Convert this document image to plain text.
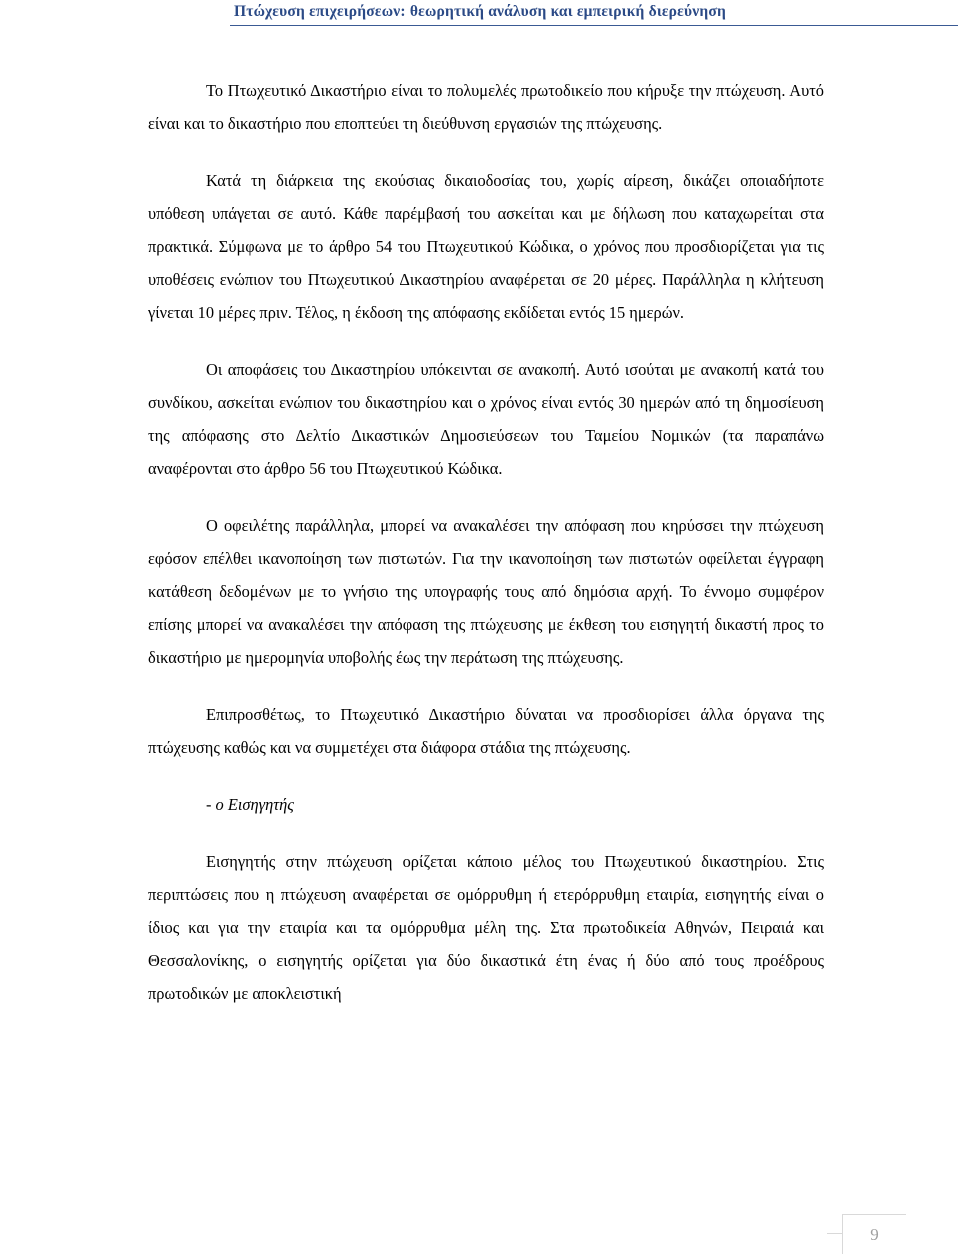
Πτώχευση επιχειρήσεων: θεωρητική ανάλυση και εμπειρική διερεύνηση

Το Πτωχευτικό Δικαστήριο είναι το πολυμελές πρωτοδικείο που κήρυξε την πτώχευση. Αυτό είναι και το δικαστήριο που εποπτεύει τη διεύθυνση εργασιών της πτώχευσης.

Κατά τη διάρκεια της εκούσιας δικαιοδοσίας του, χωρίς αίρεση, δικάζει οποιαδήποτε υπόθεση υπάγεται σε αυτό. Κάθε παρέμβασή του ασκείται και με δήλωση που καταχωρείται στα πρακτικά. Σύμφωνα με το άρθρο 54 του Πτωχευτικού Κώδικα, ο χρόνος που προσδιορίζεται για τις υποθέσεις ενώπιον του Πτωχευτικού Δικαστηρίου αναφέρεται σε 20 μέρες. Παράλληλα η κλήτευση γίνεται 10 μέρες πριν. Τέλος, η έκδοση της απόφασης εκδίδεται εντός 15 ημερών.

Οι αποφάσεις του Δικαστηρίου υπόκεινται σε ανακοπή. Αυτό ισούται με ανακοπή κατά του συνδίκου, ασκείται ενώπιον του δικαστηρίου και ο χρόνος είναι εντός 30 ημερών από τη δημοσίευση της απόφασης στο Δελτίο Δικαστικών Δημοσιεύσεων του Ταμείου Νομικών (τα παραπάνω αναφέρονται στο άρθρο 56 του Πτωχευτικού Κώδικα.

Ο οφειλέτης παράλληλα, μπορεί να ανακαλέσει την απόφαση που κηρύσσει την πτώχευση εφόσον επέλθει ικανοποίηση των πιστωτών. Για την ικανοποίηση των πιστωτών οφείλεται έγγραφη κατάθεση δεδομένων με το γνήσιο της υπογραφής τους από δημόσια αρχή. Το έννομο συμφέρον επίσης μπορεί να ανακαλέσει την απόφαση της πτώχευσης με έκθεση του εισηγητή δικαστή προς το δικαστήριο με ημερομηνία υποβολής έως την περάτωση της πτώχευσης.

Επιπροσθέτως, το Πτωχευτικό Δικαστήριο δύναται να προσδιορίσει άλλα όργανα της πτώχευσης καθώς και να συμμετέχει στα διάφορα στάδια της πτώχευσης.

- ο Εισηγητής

Εισηγητής στην πτώχευση ορίζεται κάποιο μέλος του Πτωχευτικού δικαστηρίου. Στις περιπτώσεις που η πτώχευση αναφέρεται σε ομόρρυθμη ή ετερόρρυθμη εταιρία, εισηγητής είναι ο ίδιος και για την εταιρία και τα ομόρρυθμα μέλη της. Στα πρωτοδικεία Αθηνών, Πειραιά και Θεσσαλονίκης, ο εισηγητής ορίζεται για δύο δικαστικά έτη ένας ή δύο από τους προέδρους πρωτοδικών με αποκλειστική

9
